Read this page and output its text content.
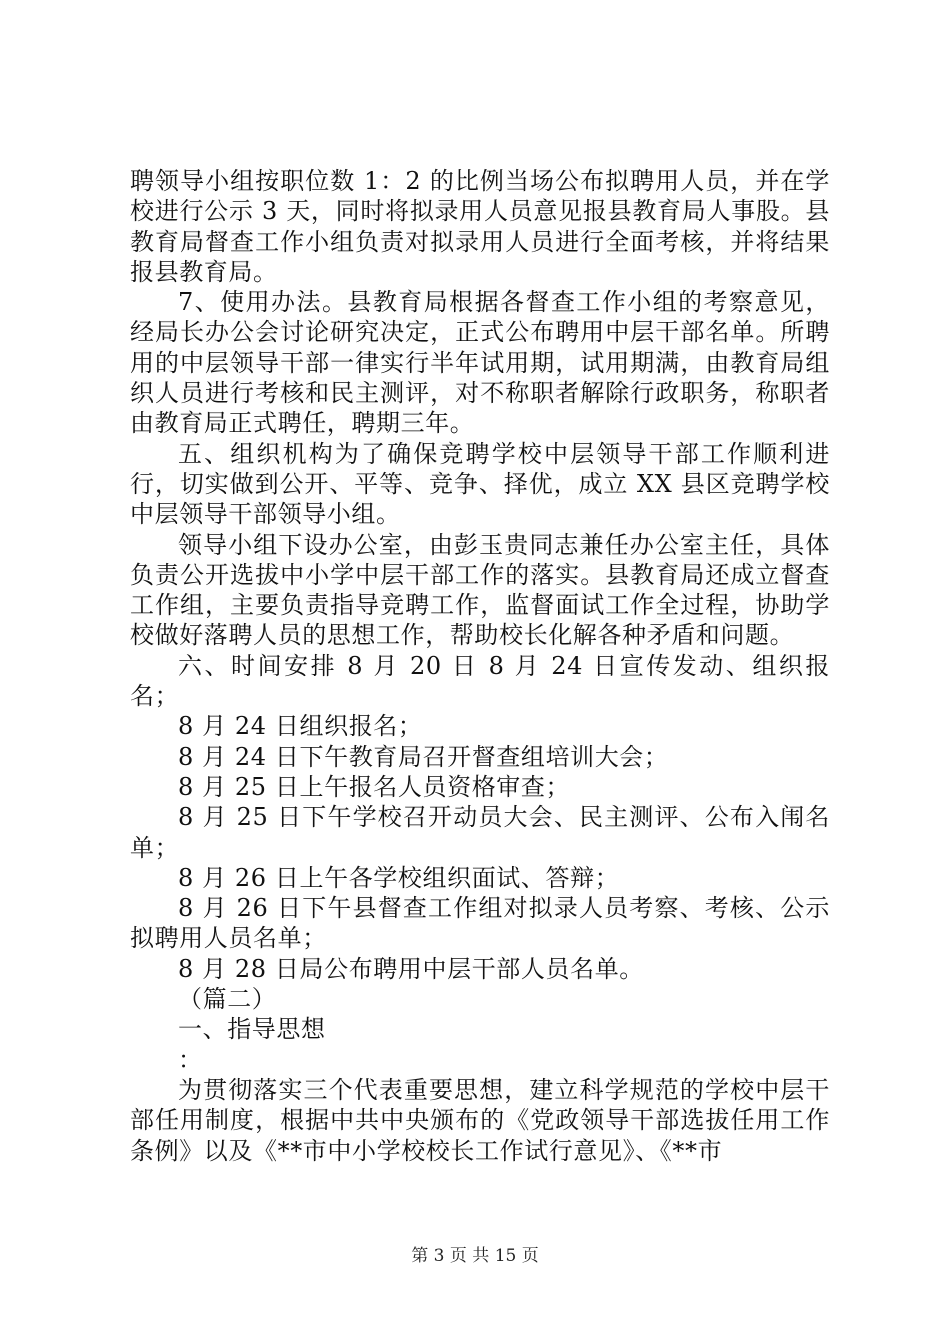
聘领导小组按职位数 1：2 的比例当场公布拟聘用人员，并在学校进行公示 3 天，同时将拟录用人员意见报县教育局人事股。县教育局督查工作小组负责对拟录用人员进行全面考核，并将结果报县教育局。

7、使用办法。县教育局根据各督查工作小组的考察意见，经局长办公会讨论研究决定，正式公布聘用中层干部名单。所聘用的中层领导干部一律实行半年试用期，试用期满，由教育局组织人员进行考核和民主测评，对不称职者解除行政职务，称职者由教育局正式聘任，聘期三年。

五、组织机构为了确保竞聘学校中层领导干部工作顺利进行，切实做到公开、平等、竞争、择优，成立 XX 县区竞聘学校中层领导干部领导小组。

领导小组下设办公室，由彭玉贵同志兼任办公室主任，具体负责公开选拔中小学中层干部工作的落实。县教育局还成立督查工作组，主要负责指导竞聘工作，监督面试工作全过程，协助学校做好落聘人员的思想工作，帮助校长化解各种矛盾和问题。

六、时间安排 8 月 20 日 8 月 24 日宣传发动、组织报名；

8 月 24 日组织报名；

8 月 24 日下午教育局召开督查组培训大会；

8 月 25 日上午报名人员资格审查；

8 月 25 日下午学校召开动员大会、民主测评、公布入闱名单；

8 月 26 日上午各学校组织面试、答辩；

8 月 26 日下午县督查工作组对拟录人员考察、考核、公示拟聘用人员名单；

8 月 28 日局公布聘用中层干部人员名单。

（篇二）

一、指导思想

：

为贯彻落实三个代表重要思想，建立科学规范的学校中层干部任用制度，根据中共中央颁布的《党政领导干部选拔任用工作条例》以及《**市中小学校校长工作试行意见》、《**市

第 3 页 共 15 页
